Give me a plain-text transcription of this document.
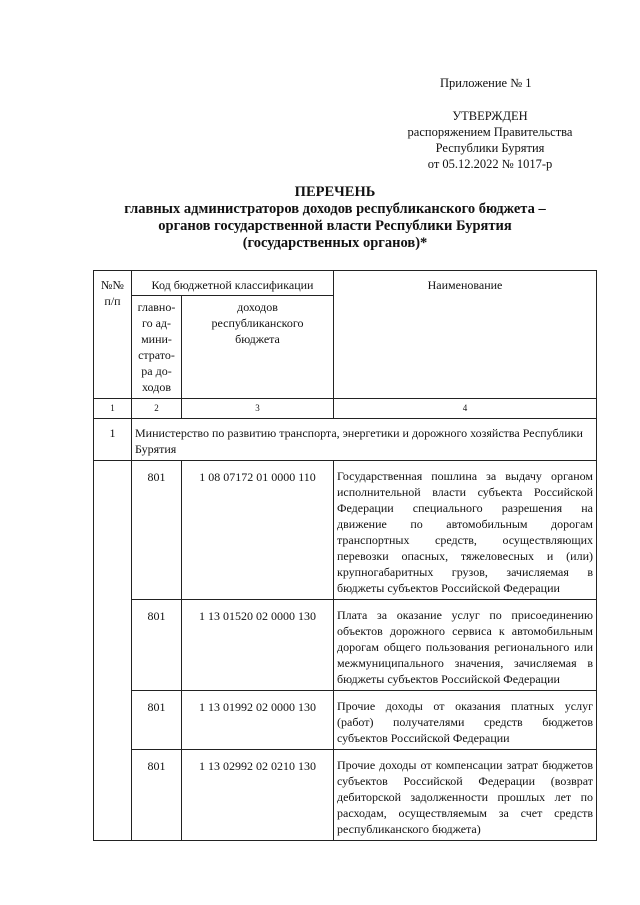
Приложение № 1
УТВЕРЖДЕН
распоряжением Правительства
Республики Бурятия
от 05.12.2022 № 1017-р
ПЕРЕЧЕНЬ
главных администраторов доходов республиканского бюджета –
органов государственной власти Республики Бурятия
(государственных органов)*
№№ п/п	Код бюджетной классификации		Наименование
	главно-го ад-мини-страто-ра до-ходов	доходов республиканского бюджета	
1	2	3	4
1	Министерство по развитию транспорта, энергетики и дорожного хозяйства Республики Бурятия		
	801	1 08 07172 01 0000 110	Государственная пошлина за выдачу органом исполнительной власти субъекта Российской Федерации специального разрешения на движение по автомобильным дорогам транспортных средств, осуществляющих перевозки опасных, тяжеловесных и (или) крупногабаритных грузов, зачисляемая в бюджеты субъектов Российской Федерации
	801	1 13 01520 02 0000 130	Плата за оказание услуг по присоединению объектов дорожного сервиса к автомобильным дорогам общего пользования регионального или межмуниципального значения, зачисляемая в бюджеты субъектов Российской Федерации
	801	1 13 01992 02 0000 130	Прочие доходы от оказания платных услуг (работ) получателями средств бюджетов субъектов Российской Федерации
	801	1 13 02992 02 0210 130	Прочие доходы от компенсации затрат бюджетов субъектов Российской Федерации (возврат дебиторской задолженности прошлых лет по расходам, осуществляемым за счет средств республиканского бюджета)
